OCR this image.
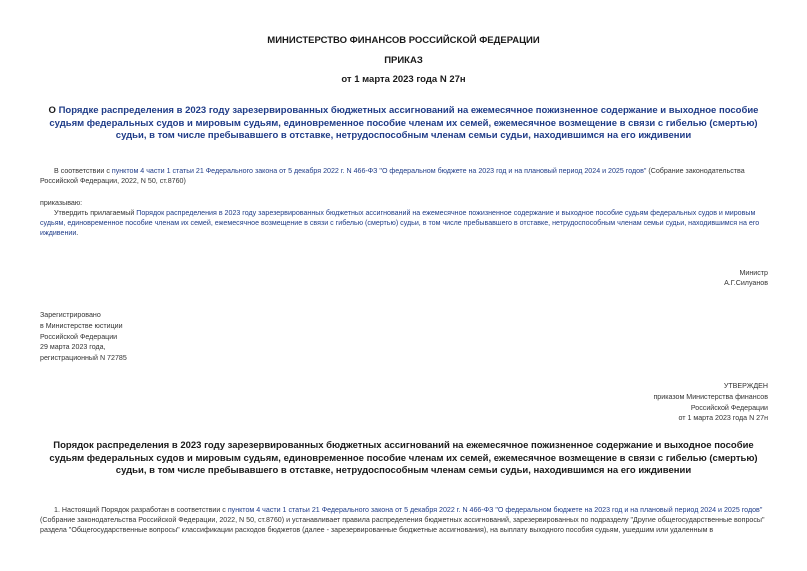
МИНИСТЕРСТВО ФИНАНСОВ РОССИЙСКОЙ ФЕДЕРАЦИИ
ПРИКАЗ
от 1 марта 2023 года N 27н
О Порядке распределения в 2023 году зарезервированных бюджетных ассигнований на ежемесячное пожизненное содержание и выходное пособие судьям федеральных судов и мировым судьям, единовременное пособие членам их семей, ежемесячное возмещение в связи с гибелью (смертью) судьи, в том числе пребывавшего в отставке, нетрудоспособным членам семьи судьи, находившимся на его иждивении
В соответствии с пунктом 4 части 1 статьи 21 Федерального закона от 5 декабря 2022 г. N 466-ФЗ "О федеральном бюджете на 2023 год и на плановый период 2024 и 2025 годов" (Собрание законодательства Российской Федерации, 2022, N 50, ст.8760)
приказываю:
Утвердить прилагаемый Порядок распределения в 2023 году зарезервированных бюджетных ассигнований на ежемесячное пожизненное содержание и выходное пособие судьям федеральных судов и мировым судьям, единовременное пособие членам их семей, ежемесячное возмещение в связи с гибелью (смертью) судьи, в том числе пребывавшего в отставке, нетрудоспособным членам семьи судьи, находившимся на его иждивении.
Министр
А.Г.Силуанов
Зарегистрировано
в Министерстве юстиции
Российской Федерации
29 марта 2023 года,
регистрационный N 72785
УТВЕРЖДЕН
приказом Министерства финансов
Российской Федерации
от 1 марта 2023 года N 27н
Порядок распределения в 2023 году зарезервированных бюджетных ассигнований на ежемесячное пожизненное содержание и выходное пособие судьям федеральных судов и мировым судьям, единовременное пособие членам их семей, ежемесячное возмещение в связи с гибелью (смертью) судьи, в том числе пребывавшего в отставке, нетрудоспособным членам семьи судьи, находившимся на его иждивении
1. Настоящий Порядок разработан в соответствии с пунктом 4 части 1 статьи 21 Федерального закона от 5 декабря 2022 г. N 466-ФЗ "О федеральном бюджете на 2023 год и на плановый период 2024 и 2025 годов" (Собрание законодательства Российской Федерации, 2022, N 50, ст.8760) и устанавливает правила распределения бюджетных ассигнований, зарезервированных по подразделу "Другие общегосударственные вопросы" раздела "Общегосударственные вопросы" классификации расходов бюджетов (далее - зарезервированные бюджетные ассигнования), на выплату выходного пособия судьям, ушедшим или удаленным в
